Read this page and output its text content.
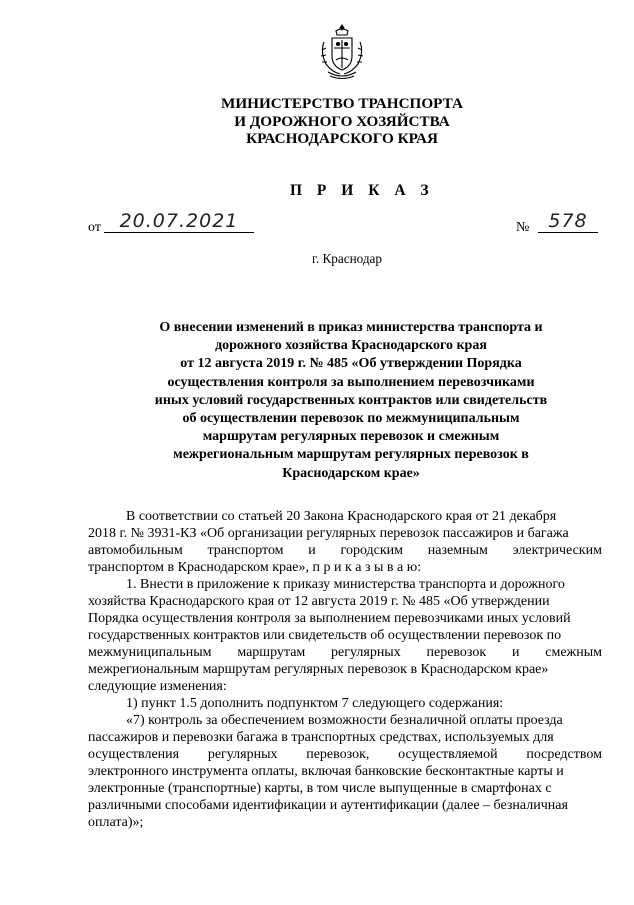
МИНИСТЕРСТВО ТРАНСПОРТА
И ДОРОЖНОГО ХОЗЯЙСТВА
КРАСНОДАРСКОГО КРАЯ
П Р И К А З
от 20.07.2021	№	578
г. Краснодар
О внесении изменений в приказ министерства транспорта и
дорожного хозяйства Краснодарского края
от 12 августа 2019 г. № 485 «Об утверждении Порядка
осуществления контроля за выполнением перевозчиками
иных условий государственных контрактов или свидетельств
об осуществлении перевозок по межмуниципальным
маршрутам регулярных перевозок и смежным
межрегиональным маршрутам регулярных перевозок в
Краснодарском крае»
В соответствии со статьей 20 Закона Краснодарского края от 21 декабря
2018 г. № 3931-КЗ «Об организации регулярных перевозок пассажиров и багажа
автомобильным транспортом и городским наземным электрическим
транспортом в Краснодарском крае», п р и к а з ы в а ю:
1. Внести в приложение к приказу министерства транспорта и дорожного
хозяйства Краснодарского края от 12 августа 2019 г. № 485 «Об утверждении
Порядка осуществления контроля за выполнением перевозчиками иных условий
государственных контрактов или свидетельств об осуществлении перевозок по
межмуниципальным маршрутам регулярных перевозок и смежным
межрегиональным маршрутам регулярных перевозок в Краснодарском крае»
следующие изменения:
1) пункт 1.5 дополнить подпунктом 7 следующего содержания:
«7) контроль за обеспечением возможности безналичной оплаты проезда
пассажиров и перевозки багажа в транспортных средствах, используемых для
осуществления регулярных перевозок, осуществляемой посредством
электронного инструмента оплаты, включая банковские бесконтактные карты и
электронные (транспортные) карты, в том числе выпущенные в смартфонах с
различными способами идентификации и аутентификации (далее – безналичная
оплата)»;
